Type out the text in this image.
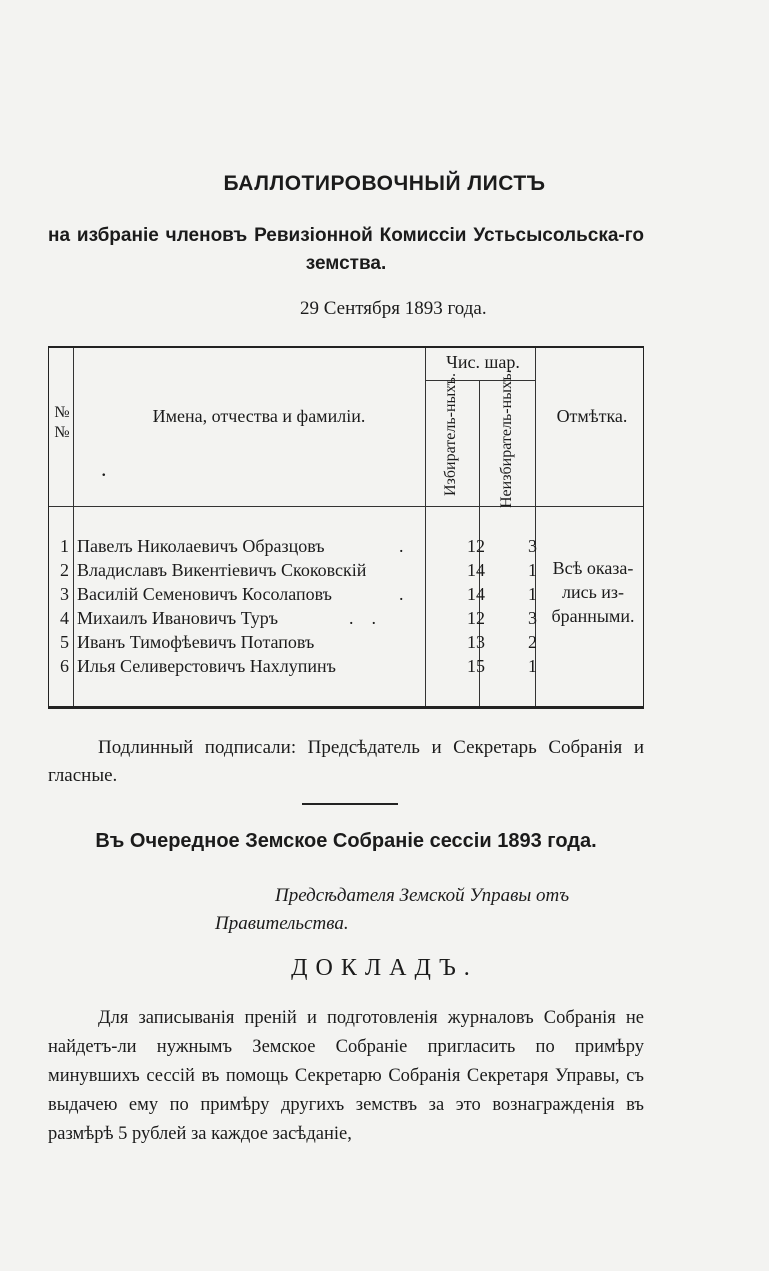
БАЛЛОТИРОВОЧНЫЙ ЛИСТЪ
на избраніе членовъ Ревизіонной Комиссіи Устьсысольска-го земства.
29 Сентября 1893 года.
№ №
Имена, отчества и фамиліи.
.
Чис. шар.
Избиратель-ныхъ. Неизбиратель-ныхъ.	Отмѣтка.
1 Павелъ Николаевичъ Образцовъ	.	12	3
2 Владиславъ Викентіевичъ Скоковскій	14	1
3 Василій Семеновичъ Косолаповъ	.	14	1
4 Михаилъ Ивановичъ Туръ	.    .	12	3
5 Иванъ Тимофѣевичъ Потаповъ	13	2
6 Илья Селиверстовичъ Нахлупинъ	15	1
Всѣ оказа-лись из-бранными.
Подлинный подписали: Предсѣдатель и Секретарь Собранія и гласные.
Въ Очередное Земское Собраніе сессіи 1893 года.
Предсѣдателя Земской Управы отъ
Правительства.
ДОКЛАДЪ.
Для записыванія преній и подготовленія журналовъ Собранія не найдетъ-ли нужнымъ Земское Собраніе пригласить по примѣру минувшихъ сессій въ помощь Секретарю Собранія Секретаря Управы, съ выдачею ему по примѣру другихъ земствъ за это вознагражденія въ размѣрѣ 5 рублей за каждое засѣданіе,
